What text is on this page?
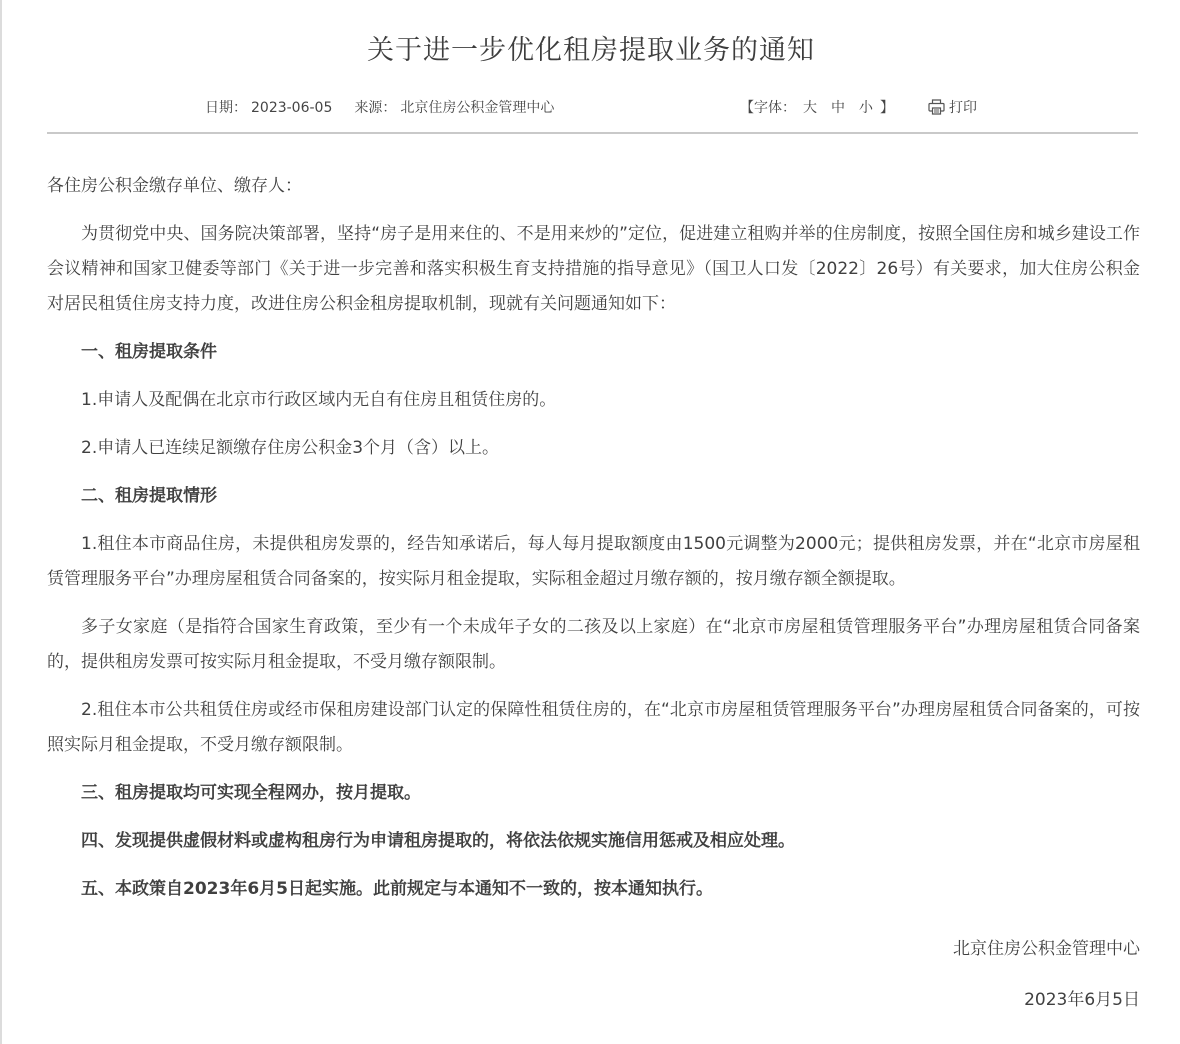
关于进一步优化租房提取业务的通知
日期： 2023-06-05 来源： 北京住房公积金管理中心	【字体： 大 中 小 】	打印

各住房公积金缴存单位、缴存人：

为贯彻党中央、国务院决策部署，坚持“房子是用来住的、不是用来炒的”定位，促进建立租购并举的住房制度，按照全国住房和城乡建设工作会议精神和国家卫健委等部门《关于进一步完善和落实积极生育支持措施的指导意见》（国卫人口发〔2022〕26号）有关要求，加大住房公积金对居民租赁住房支持力度，改进住房公积金租房提取机制，现就有关问题通知如下：

一、租房提取条件

1.申请人及配偶在北京市行政区域内无自有住房且租赁住房的。

2.申请人已连续足额缴存住房公积金3个月（含）以上。

二、租房提取情形

1.租住本市商品住房，未提供租房发票的，经告知承诺后，每人每月提取额度由1500元调整为2000元；提供租房发票，并在“北京市房屋租赁管理服务平台”办理房屋租赁合同备案的，按实际月租金提取，实际租金超过月缴存额的，按月缴存额全额提取。

多子女家庭（是指符合国家生育政策，至少有一个未成年子女的二孩及以上家庭）在“北京市房屋租赁管理服务平台”办理房屋租赁合同备案的，提供租房发票可按实际月租金提取，不受月缴存额限制。

2.租住本市公共租赁住房或经市保租房建设部门认定的保障性租赁住房的，在“北京市房屋租赁管理服务平台”办理房屋租赁合同备案的，可按照实际月租金提取，不受月缴存额限制。

三、租房提取均可实现全程网办，按月提取。

四、发现提供虚假材料或虚构租房行为申请租房提取的，将依法依规实施信用惩戒及相应处理。

五、本政策自2023年6月5日起实施。此前规定与本通知不一致的，按本通知执行。

北京住房公积金管理中心

2023年6月5日
